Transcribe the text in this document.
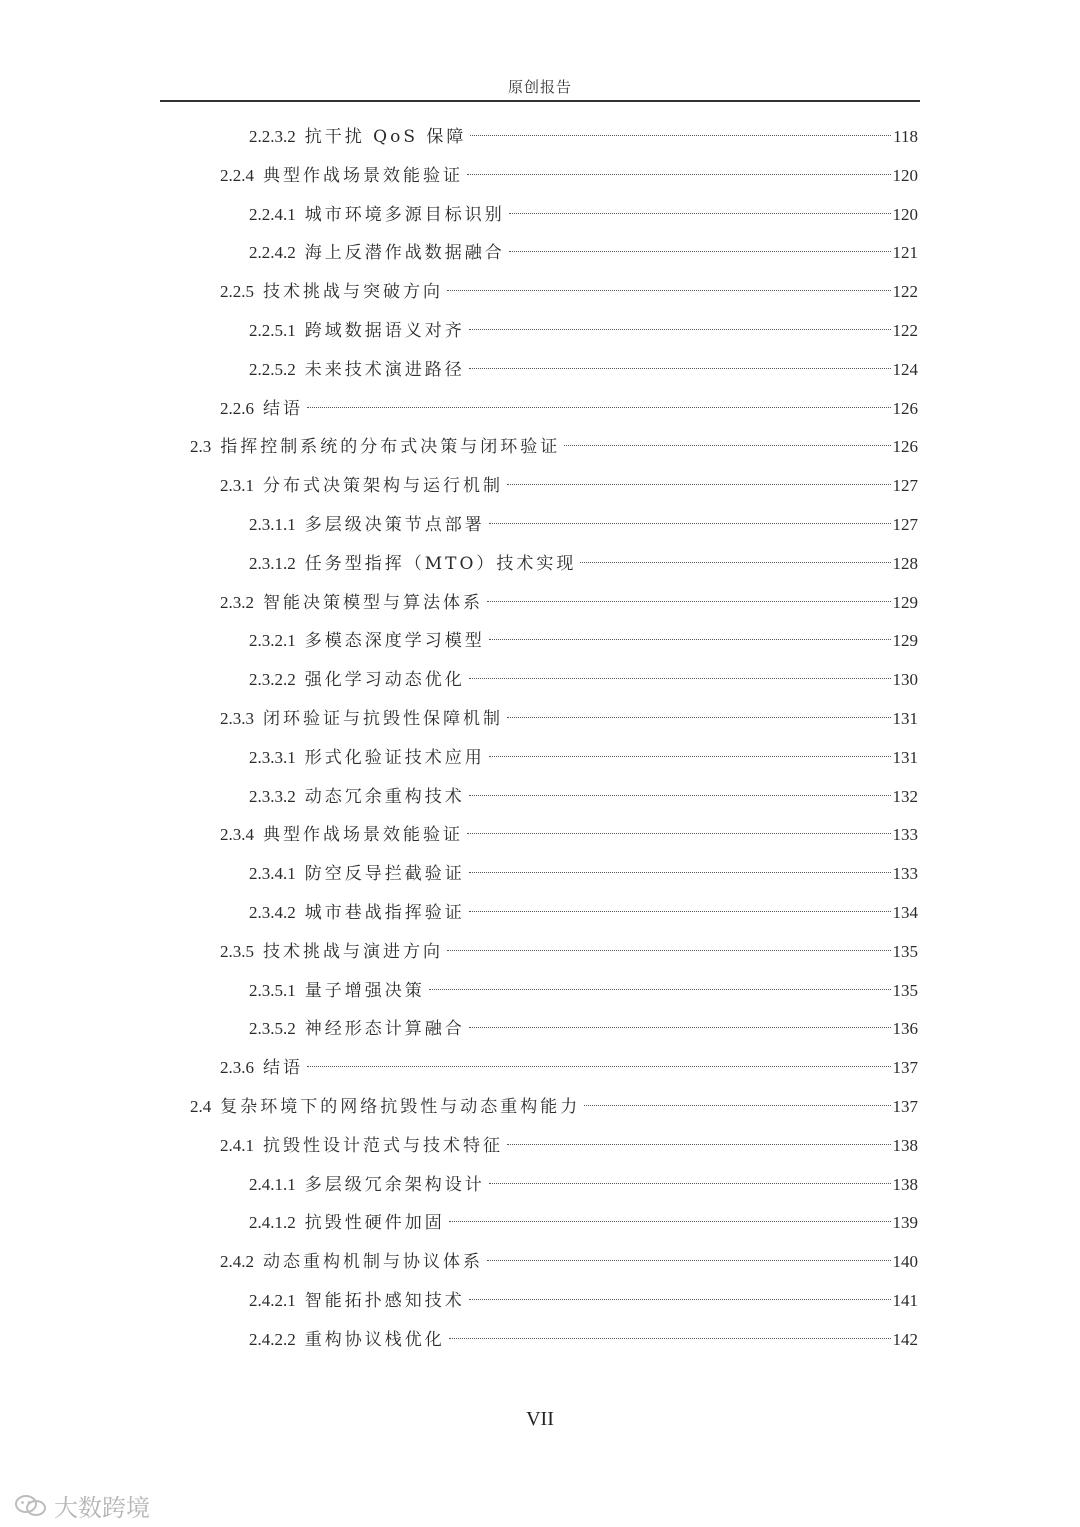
原创报告
2.2.3.2 抗干扰 QoS 保障	118
2.2.4 典型作战场景效能验证	120
2.2.4.1 城市环境多源目标识别	120
2.2.4.2 海上反潜作战数据融合	121
2.2.5 技术挑战与突破方向	122
2.2.5.1 跨域数据语义对齐	122
2.2.5.2 未来技术演进路径	124
2.2.6 结语	126
2.3 指挥控制系统的分布式决策与闭环验证	126
2.3.1 分布式决策架构与运行机制	127
2.3.1.1 多层级决策节点部署	127
2.3.1.2 任务型指挥（MTO）技术实现	128
2.3.2 智能决策模型与算法体系	129
2.3.2.1 多模态深度学习模型	129
2.3.2.2 强化学习动态优化	130
2.3.3 闭环验证与抗毁性保障机制	131
2.3.3.1 形式化验证技术应用	131
2.3.3.2 动态冗余重构技术	132
2.3.4 典型作战场景效能验证	133
2.3.4.1 防空反导拦截验证	133
2.3.4.2 城市巷战指挥验证	134
2.3.5 技术挑战与演进方向	135
2.3.5.1 量子增强决策	135
2.3.5.2 神经形态计算融合	136
2.3.6 结语	137
2.4 复杂环境下的网络抗毁性与动态重构能力	137
2.4.1 抗毁性设计范式与技术特征	138
2.4.1.1 多层级冗余架构设计	138
2.4.1.2 抗毁性硬件加固	139
2.4.2 动态重构机制与协议体系	140
2.4.2.1 智能拓扑感知技术	141
2.4.2.2 重构协议栈优化	142
VII
大数跨境
